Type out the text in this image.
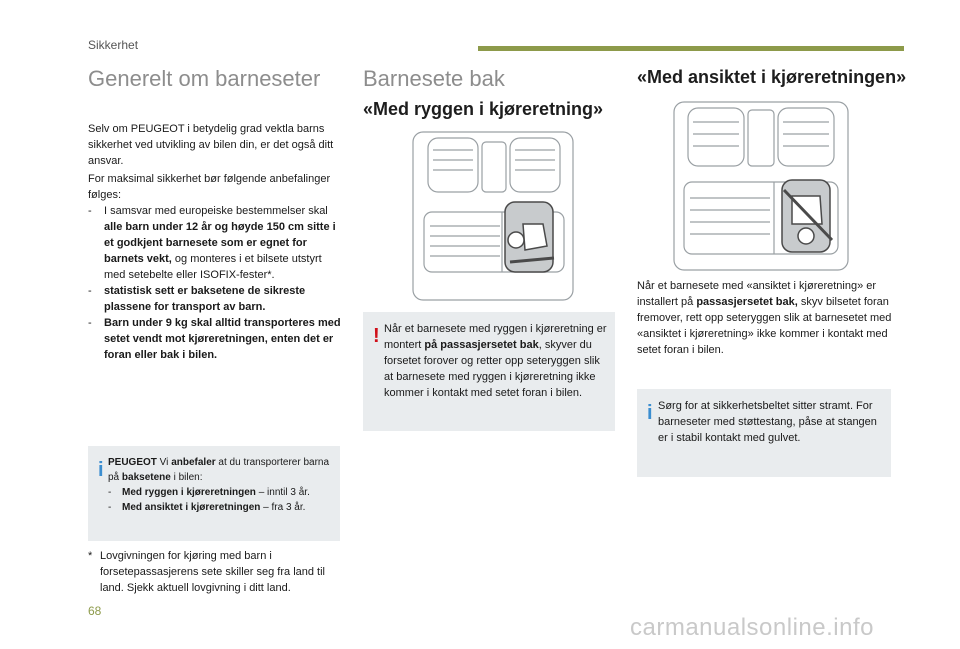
Sikkerhet
Generelt om barneseter
Selv om PEUGEOT i betydelig grad vektla barns sikkerhet ved utvikling av bilen din, er det også ditt ansvar.
For maksimal sikkerhet bør følgende anbefalinger følges:
-	I samsvar med europeiske bestemmelser skal alle barn under 12 år og høyde 150 cm sitte i et godkjent barnesete som er egnet for barnets vekt, og monteres i et bilsete utstyrt med setebelte eller ISOFIX-fester*.
-	statistisk sett er baksetene de sikreste plassene for transport av barn.
-	Barn under 9 kg skal alltid transporteres med setet vendt mot kjøreretningen, enten det er foran eller bak i bilen.
i PEUGEOT Vi anbefaler at du transporterer barna på baksetene i bilen:
-	Med ryggen i kjøreretningen – inntil 3 år.
-	Med ansiktet i kjøreretningen – fra 3 år.
* Lovgivningen for kjøring med barn i forsetepassasjerens sete skiller seg fra land til land. Sjekk aktuell lovgivning i ditt land.
Barnesete bak
«Med ryggen i kjøreretning»
! Når et barnesete med ryggen i kjøreretning er montert på passasjersetet bak, skyver du forsetet forover og retter opp seteryggen slik at barnesete med ryggen i kjøreretning ikke kommer i kontakt med setet foran i bilen.
«Med ansiktet i kjøreretningen»
Når et barnesete med «ansiktet i kjøreretning» er installert på passasjersetet bak, skyv bilsetet foran fremover, rett opp seteryggen slik at barnesetet med «ansiktet i kjøreretning» ikke kommer i kontakt med setet foran i bilen.
i Sørg for at sikkerhetsbeltet sitter stramt. For barneseter med støttestang, påse at stangen er i stabil kontakt med gulvet.
68
carmanualsonline.info
